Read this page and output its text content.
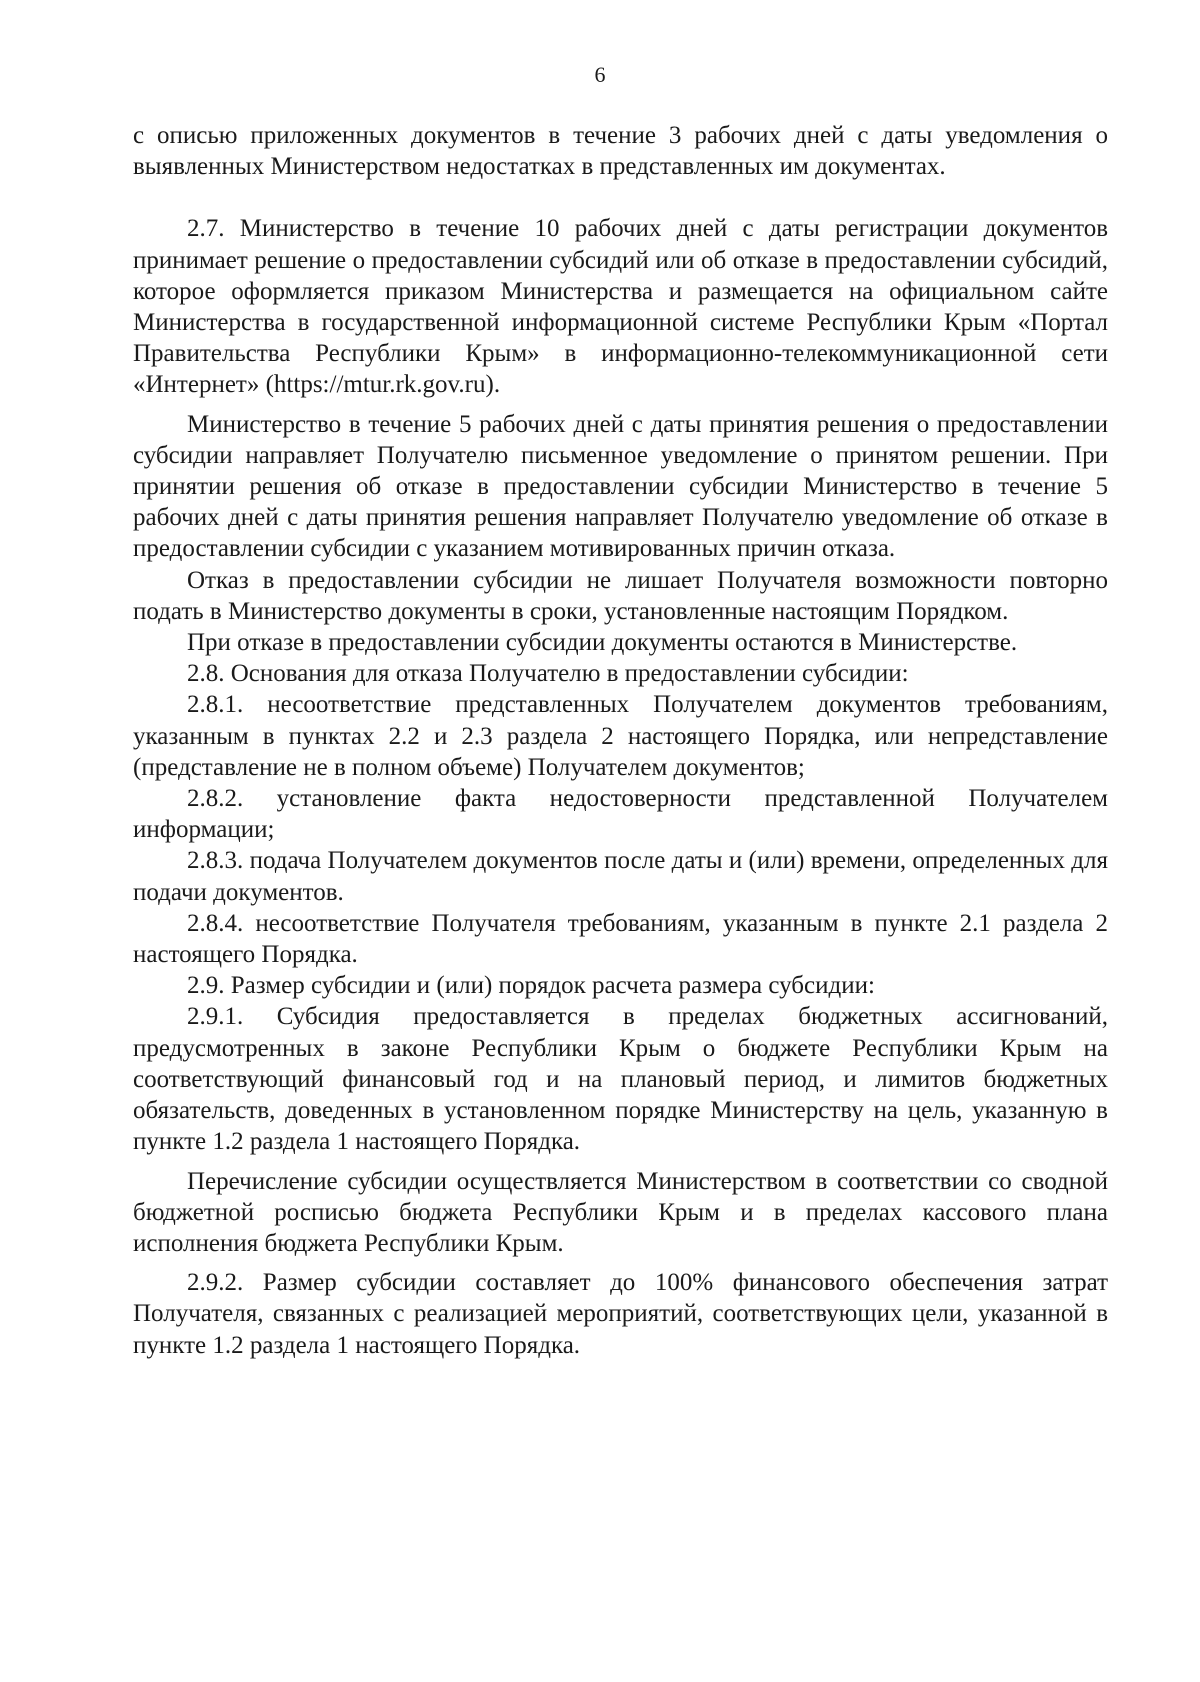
6

с описью приложенных документов в течение 3 рабочих дней с даты уведомления о выявленных Министерством недостатках в представленных им документах.

2.7. Министерство в течение 10 рабочих дней с даты регистрации документов принимает решение о предоставлении субсидий или об отказе в предоставлении субсидий, которое оформляется приказом Министерства и размещается на официальном сайте Министерства в государственной информационной системе Республики Крым «Портал Правительства Республики Крым» в информационно-телекоммуникационной сети «Интернет» (https://mtur.rk.gov.ru).

Министерство в течение 5 рабочих дней с даты принятия решения о предоставлении субсидии направляет Получателю письменное уведомление о принятом решении. При принятии решения об отказе в предоставлении субсидии Министерство в течение 5 рабочих дней с даты принятия решения направляет Получателю уведомление об отказе в предоставлении субсидии с указанием мотивированных причин отказа.

Отказ в предоставлении субсидии не лишает Получателя возможности повторно подать в Министерство документы в сроки, установленные настоящим Порядком.

При отказе в предоставлении субсидии документы остаются в Министерстве.

2.8. Основания для отказа Получателю в предоставлении субсидии:

2.8.1. несоответствие представленных Получателем документов требованиям, указанным в пунктах 2.2 и 2.3 раздела 2 настоящего Порядка, или непредставление (представление не в полном объеме) Получателем документов;

2.8.2. установление факта недостоверности представленной Получателем информации;

2.8.3. подача Получателем документов после даты и (или) времени, определенных для подачи документов.

2.8.4. несоответствие Получателя требованиям, указанным в пункте 2.1 раздела 2 настоящего Порядка.

2.9. Размер субсидии и (или) порядок расчета размера субсидии:

2.9.1. Субсидия предоставляется в пределах бюджетных ассигнований, предусмотренных в законе Республики Крым о бюджете Республики Крым на соответствующий финансовый год и на плановый период, и лимитов бюджетных обязательств, доведенных в установленном порядке Министерству на цель, указанную в пункте 1.2 раздела 1 настоящего Порядка.

Перечисление субсидии осуществляется Министерством в соответствии со сводной бюджетной росписью бюджета Республики Крым и в пределах кассового плана исполнения бюджета Республики Крым.

2.9.2. Размер субсидии составляет до 100% финансового обеспечения затрат Получателя, связанных с реализацией мероприятий, соответствующих цели, указанной в пункте 1.2 раздела 1 настоящего Порядка.
